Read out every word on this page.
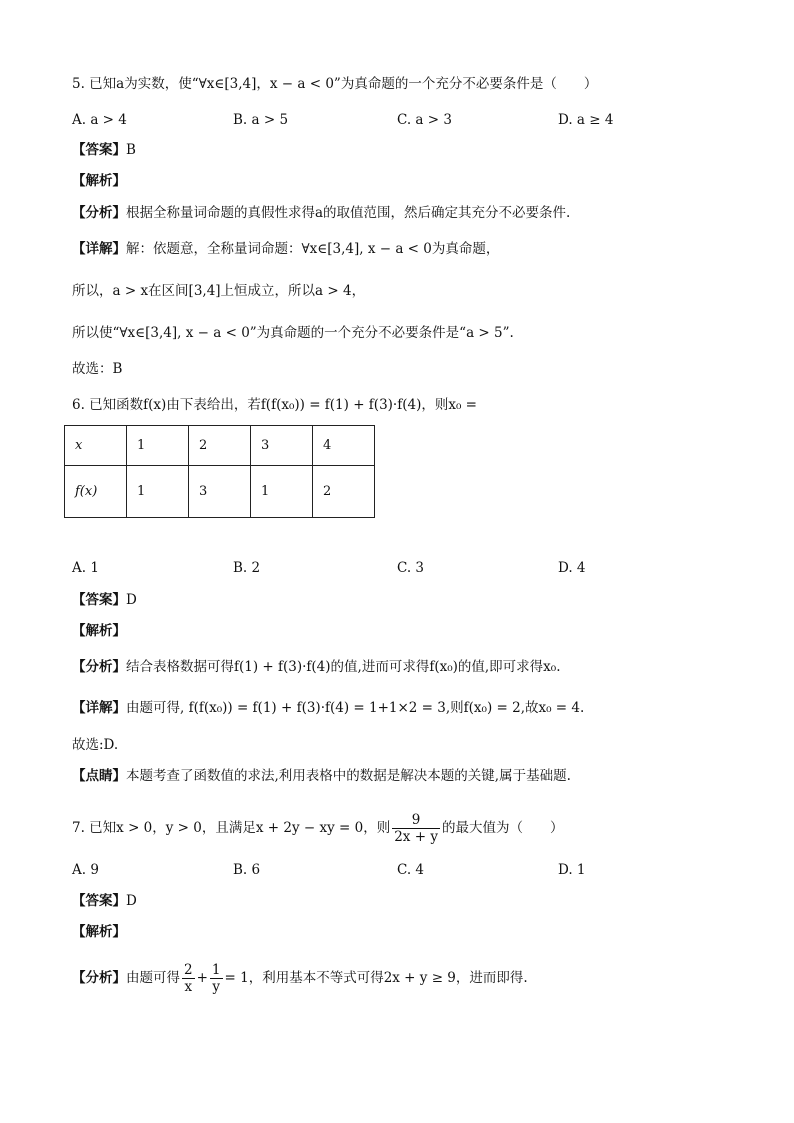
5. 已知a为实数，使“∀x∈[3,4]，x − a < 0”为真命题的一个充分不必要条件是（　　）
A. a > 4	B. a > 5	C. a > 3	D. a ≥ 4
【答案】B
【解析】
【分析】根据全称量词命题的真假性求得a的取值范围，然后确定其充分不必要条件.
【详解】解：依题意，全称量词命题：∀x∈[3,4], x − a < 0为真命题，
所以，a > x在区间[3,4]上恒成立，所以a > 4，
所以使“∀x∈[3,4], x − a < 0”为真命题的一个充分不必要条件是“a > 5”.
故选：B
6. 已知函数f(x)由下表给出，若f(f(x₀)) = f(1) + f(3)·f(4)，则x₀ =
x	1	2	3	4
f(x)	1	3	1	2
A. 1	B. 2	C. 3	D. 4
【答案】D
【解析】
【分析】结合表格数据可得f(1) + f(3)·f(4)的值,进而可求得f(x₀)的值,即可求得x₀.
【详解】由题可得, f(f(x₀)) = f(1) + f(3)·f(4) = 1+1×2 = 3,则f(x₀) = 2,故x₀ = 4.
故选:D.
【点睛】本题考查了函数值的求法,利用表格中的数据是解决本题的关键,属于基础题.
7. 已知x > 0，y > 0，且满足x + 2y − xy = 0，则 $\frac{9}{2x + y}$ 的最大值为（　　）
A. 9	B. 6	C. 4	D. 1
【答案】D
【解析】
【分析】由题可得 $\frac{2}{x} + \frac{1}{y} = 1$，利用基本不等式可得2x + y ≥ 9，进而即得.
